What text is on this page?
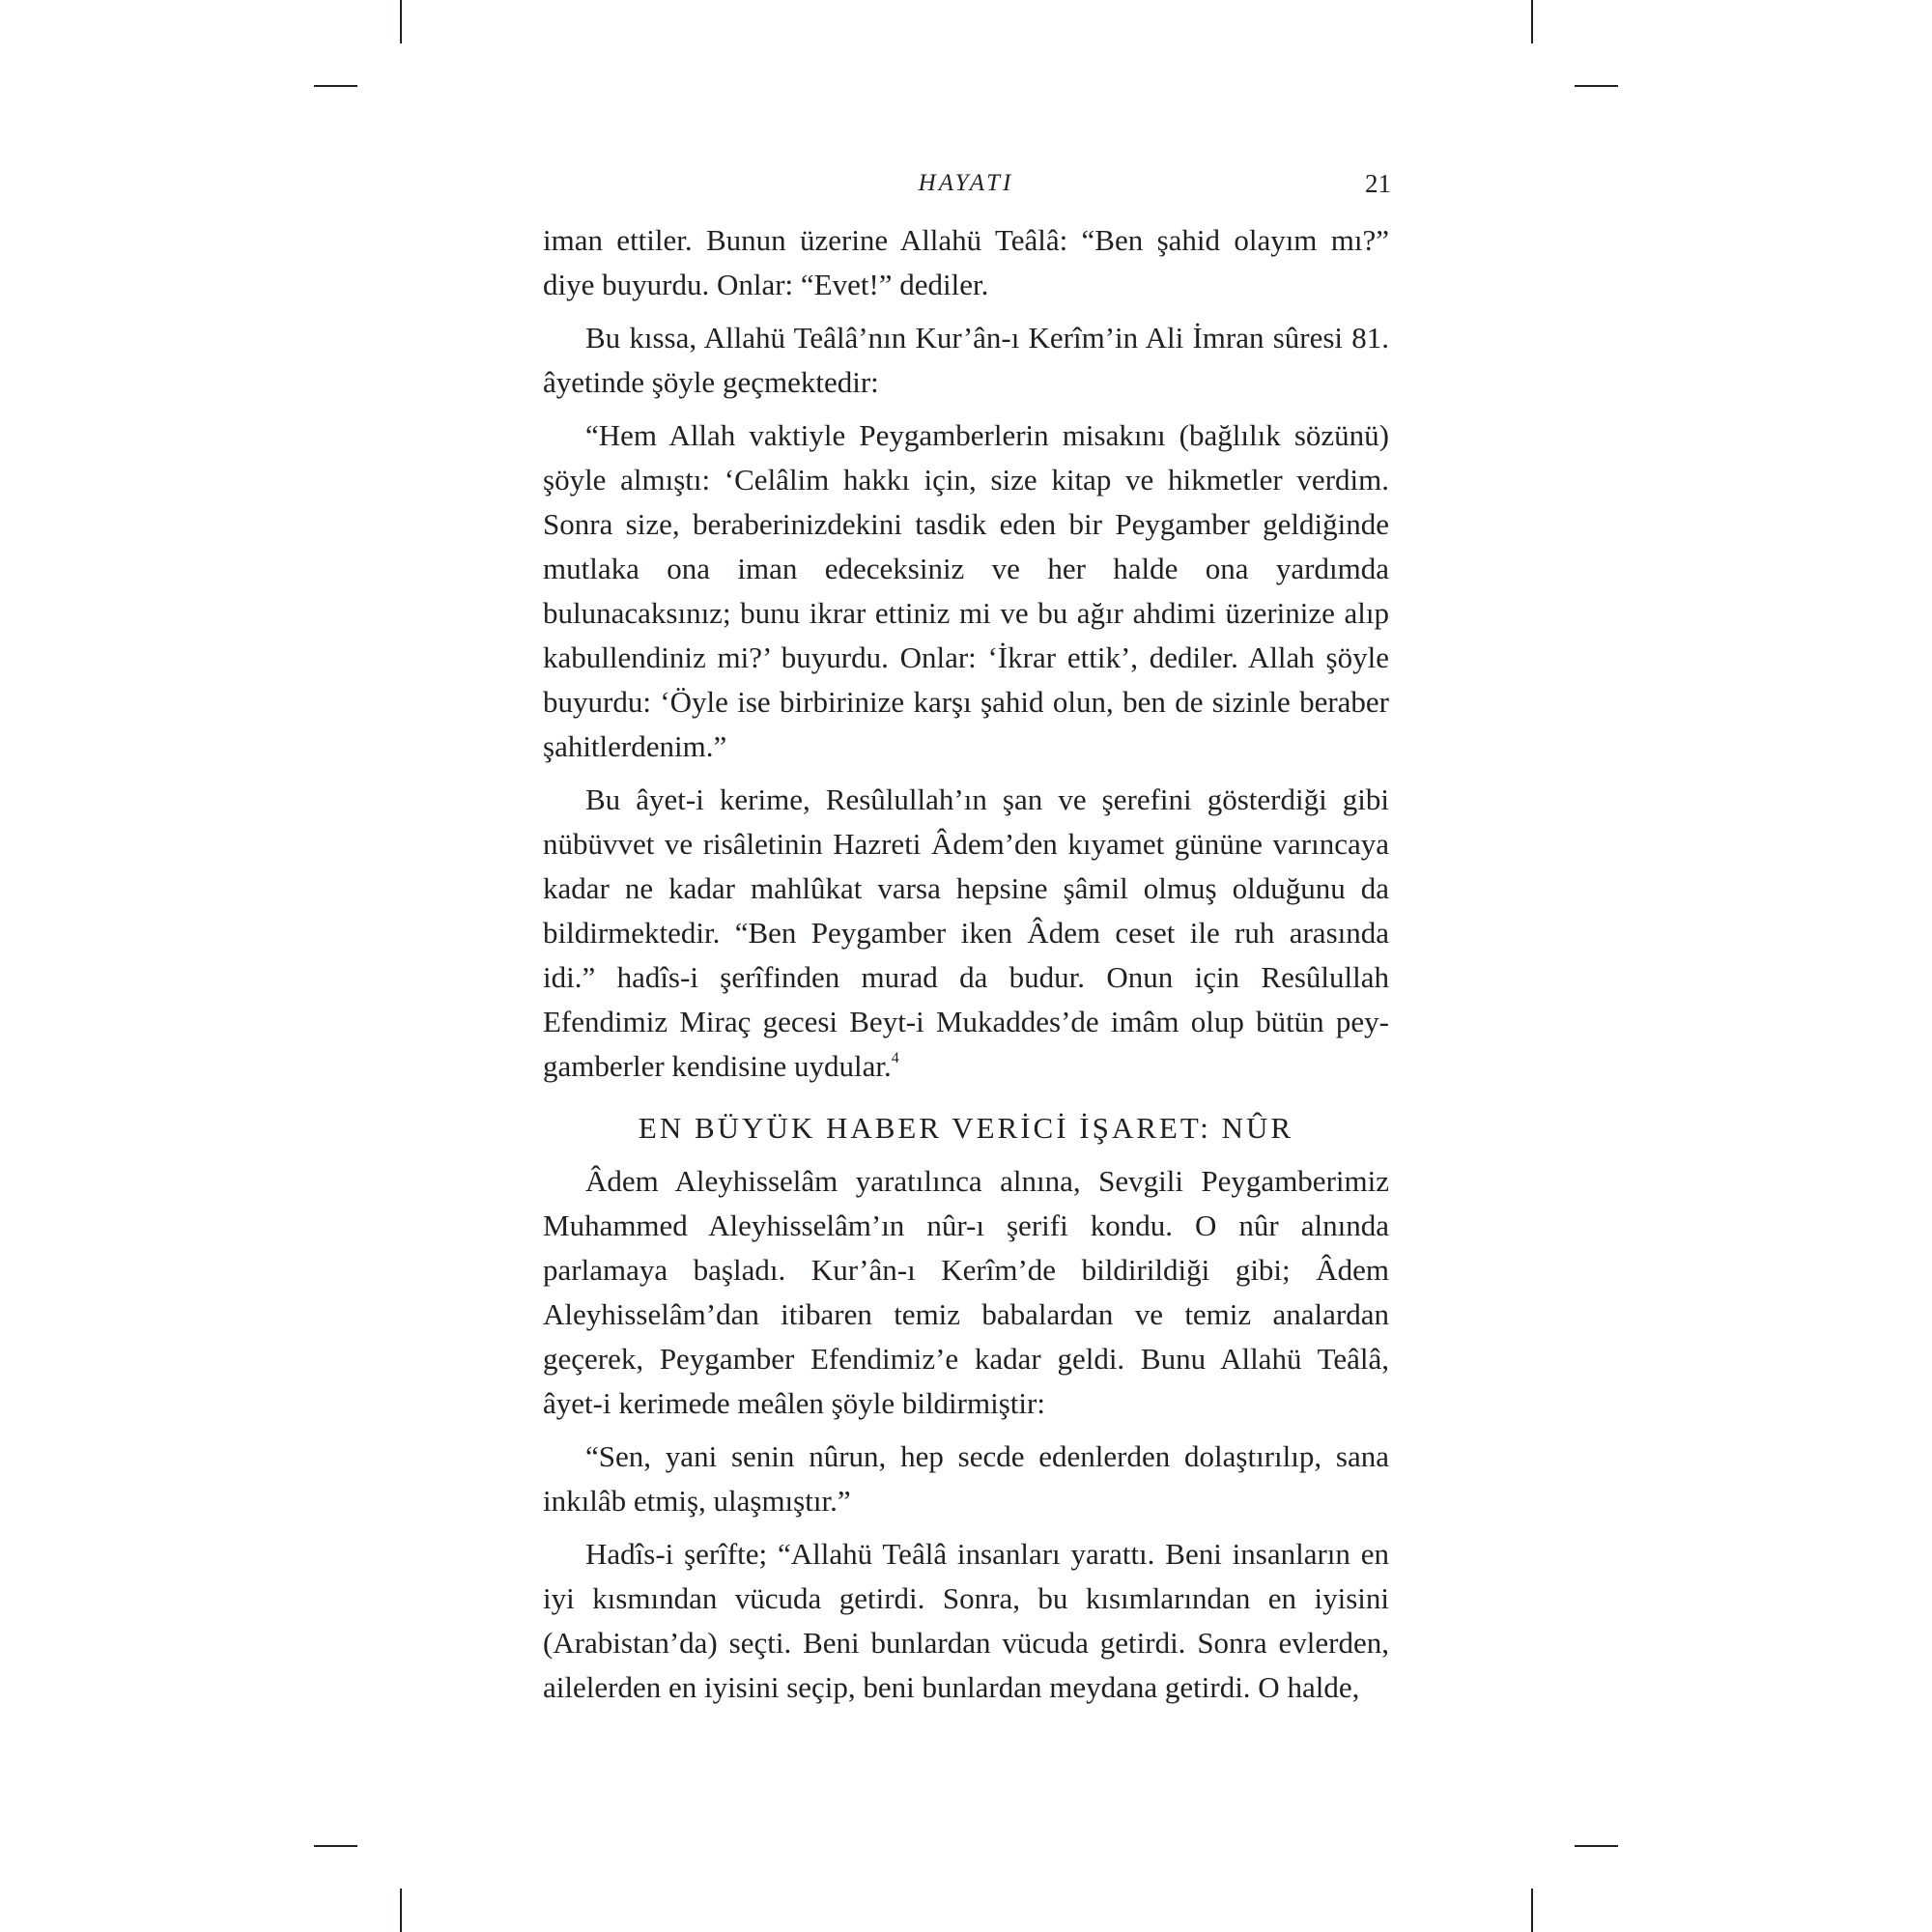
HAYATI	21

iman ettiler. Bunun üzerine Allahü Teâlâ: “Ben şahid olayım mı?” diye buyurdu. Onlar: “Evet!” dediler.

Bu kıssa, Allahü Teâlâ’nın Kur’ân-ı Kerîm’in Ali İmran sûresi 81. âyetinde şöyle geçmektedir:

“Hem Allah vaktiyle Peygamberlerin misakını (bağlılık sözünü) şöyle almıştı: ‘Celâlim hakkı için, size kitap ve hikmetler verdim. Sonra size, beraberinizdekini tasdik eden bir Peygamber geldiğinde mutlaka ona iman edeceksiniz ve her halde ona yardımda bulunacaksınız; bunu ikrar ettiniz mi ve bu ağır ahdimi üzerinize alıp kabullendiniz mi?’ buyurdu. Onlar: ‘İkrar ettik’, dediler. Allah şöyle buyurdu: ‘Öyle ise birbirinize karşı şahid olun, ben de sizinle beraber şahitlerdenim.”

Bu âyet-i kerime, Resûlullah’ın şan ve şerefini gösterdiği gibi nübüvvet ve risâletinin Hazreti Âdem’den kıyamet gününe varıncaya kadar ne kadar mahlûkat varsa hepsine şâmil olmuş olduğunu da bildirmektedir. “Ben Peygamber iken Âdem ceset ile ruh arasında idi.” hadîs-i şerîfinden murad da budur. Onun için Resûlullah Efendimiz Miraç gecesi Beyt-i Mukaddes’de imâm olup bütün peygamberler kendisine uydular.$^4$

EN BÜYÜK HABER VERİCİ İŞARET: NÛR

Âdem Aleyhisselâm yaratılınca alnına, Sevgili Peygamberimiz Muhammed Aleyhisselâm’ın nûr-ı şerifi kondu. O nûr alnında parlamaya başladı. Kur’ân-ı Kerîm’de bildirildiği gibi; Âdem Aleyhisselâm’dan itibaren temiz babalardan ve temiz analardan geçerek, Peygamber Efendimiz’e kadar geldi. Bunu Allahü Teâlâ, âyet-i kerimede meâlen şöyle bildirmiştir:

“Sen, yani senin nûrun, hep secde edenlerden dolaştırılıp, sana inkılâb etmiş, ulaşmıştır.”

Hadîs-i şerîfte; “Allahü Teâlâ insanları yarattı. Beni insanların en iyi kısmından vücuda getirdi. Sonra, bu kısımlarından en iyisini (Arabistan’da) seçti. Beni bunlardan vücuda getirdi. Sonra evlerden, ailelerden en iyisini seçip, beni bunlardan meydana getirdi. O halde,
